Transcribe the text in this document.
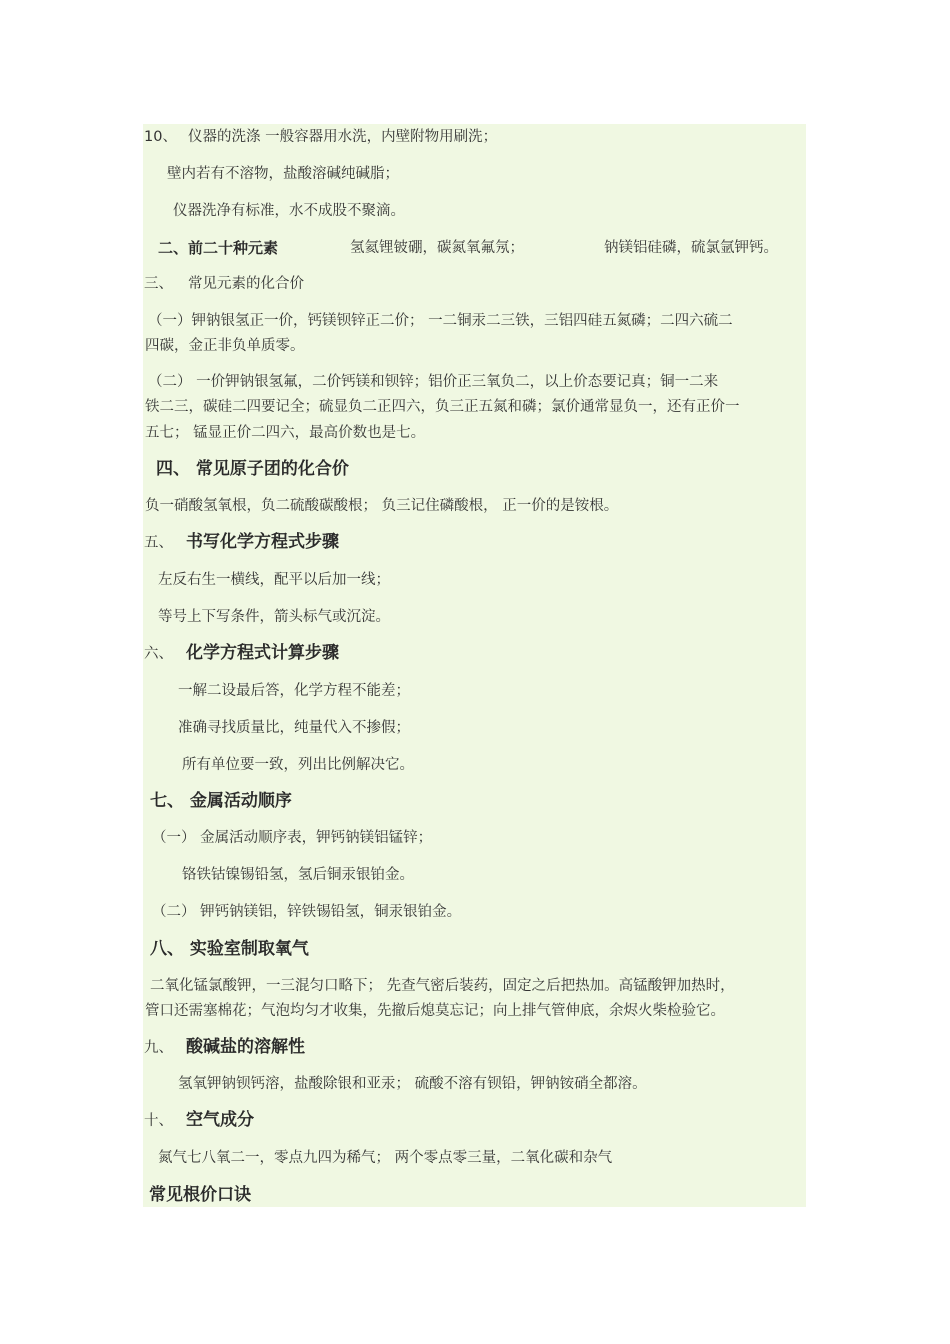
10、 仪器的洗涤 一般容器用水洗，内壁附物用刷洗；
壁内若有不溶物，盐酸溶碱纯碱脂；
仪器洗净有标准，水不成股不聚滴。
二、前二十种元素	氢氦锂铍硼，碳氮氧氟氖；	钠镁铝硅磷，硫氯氩钾钙。
三、 常见元素的化合价
（一）钾钠银氢正一价，钙镁钡锌正二价； 一二铜汞二三铁，三铝四硅五氮磷；二四六硫二
四碳，金正非负单质零。
（二） 一价钾钠银氢氟，二价钙镁和钡锌；铝价正三氧负二，以上价态要记真；铜一二来
铁二三，碳硅二四要记全；硫显负二正四六，负三正五氮和磷；氯价通常显负一，还有正价一
五七； 锰显正价二四六，最高价数也是七。
四、 常见原子团的化合价
负一硝酸氢氧根，负二硫酸碳酸根； 负三记住磷酸根， 正一价的是铵根。
五、 书写化学方程式步骤
左反右生一横线，配平以后加一线；
等号上下写条件，箭头标气或沉淀。
六、 化学方程式计算步骤
一解二设最后答，化学方程不能差；
准确寻找质量比，纯量代入不掺假；
所有单位要一致，列出比例解决它。
七、 金属活动顺序
（一） 金属活动顺序表，钾钙钠镁铝锰锌；
铬铁钴镍锡铅氢，氢后铜汞银铂金。
（二） 钾钙钠镁铝，锌铁锡铅氢，铜汞银铂金。
八、 实验室制取氧气
二氧化锰氯酸钾，一三混匀口略下； 先查气密后装药，固定之后把热加。高锰酸钾加热时，
管口还需塞棉花；气泡均匀才收集，先撤后熄莫忘记；向上排气管伸底，余烬火柴检验它。
九、 酸碱盐的溶解性
氢氧钾钠钡钙溶，盐酸除银和亚汞； 硫酸不溶有钡铅，钾钠铵硝全都溶。
十、 空气成分
氮气七八氧二一，零点九四为稀气； 两个零点零三量，二氧化碳和杂气
常见根价口诀
